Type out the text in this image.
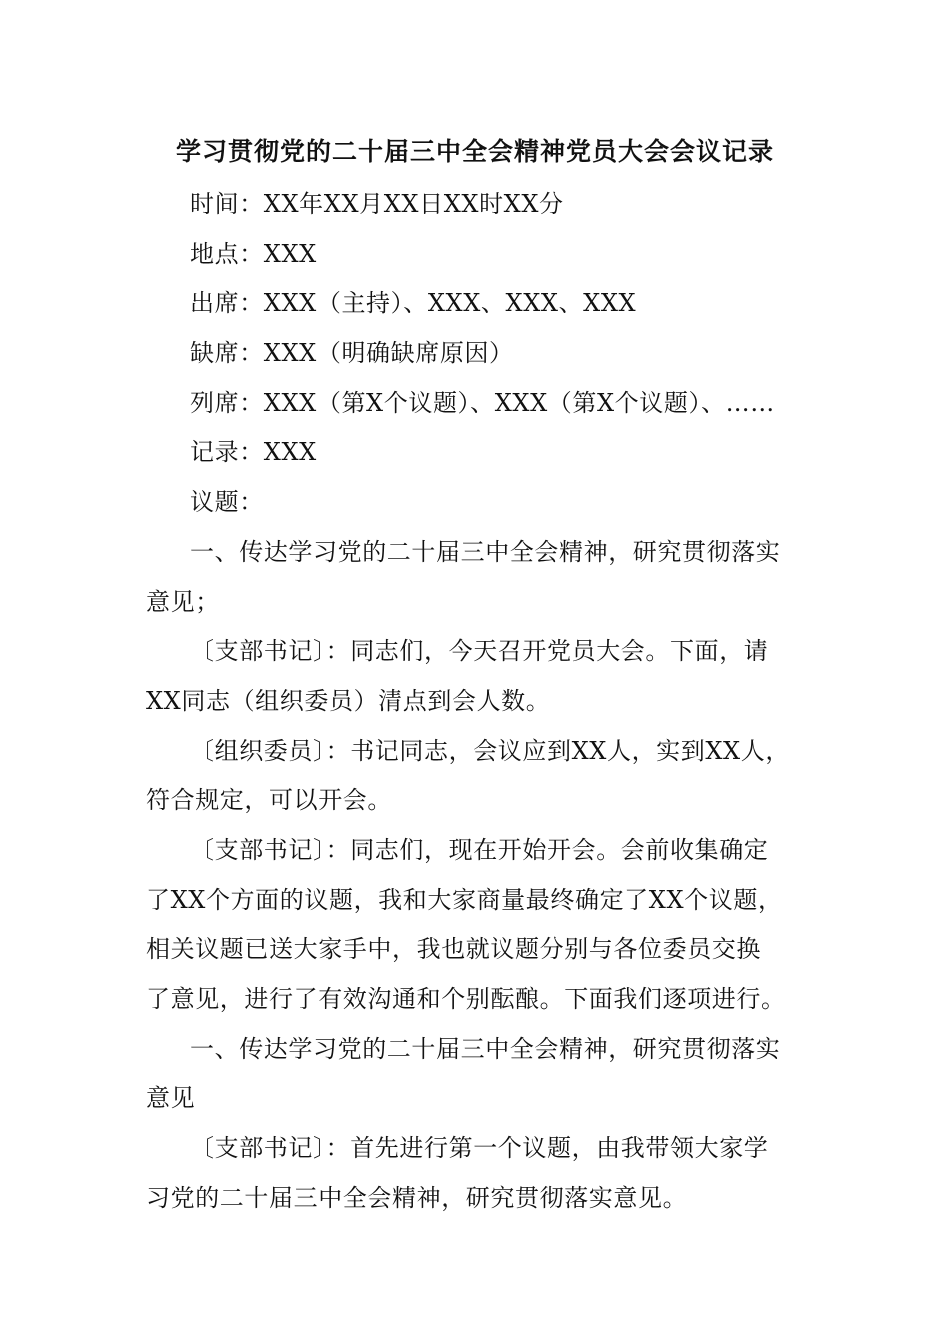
学习贯彻党的二十届三中全会精神党员大会会议记录
时间：XX年XX月XX日XX时XX分
地点：XXX
出席：XXX（主持）、XXX、XXX、XXX
缺席：XXX（明确缺席原因）
列席：XXX（第X个议题）、XXX（第X个议题）、……
记录：XXX
议题：
一、传达学习党的二十届三中全会精神，研究贯彻落实
意见；
〔支部书记〕：同志们，今天召开党员大会。下面，请
XX同志（组织委员）清点到会人数。
〔组织委员〕：书记同志，会议应到XX人，实到XX人，
符合规定，可以开会。
〔支部书记〕：同志们，现在开始开会。会前收集确定
了XX个方面的议题，我和大家商量最终确定了XX个议题，
相关议题已送大家手中，我也就议题分别与各位委员交换
了意见，进行了有效沟通和个别酝酿。下面我们逐项进行。
一、传达学习党的二十届三中全会精神，研究贯彻落实
意见
〔支部书记〕：首先进行第一个议题，由我带领大家学
习党的二十届三中全会精神，研究贯彻落实意见。
